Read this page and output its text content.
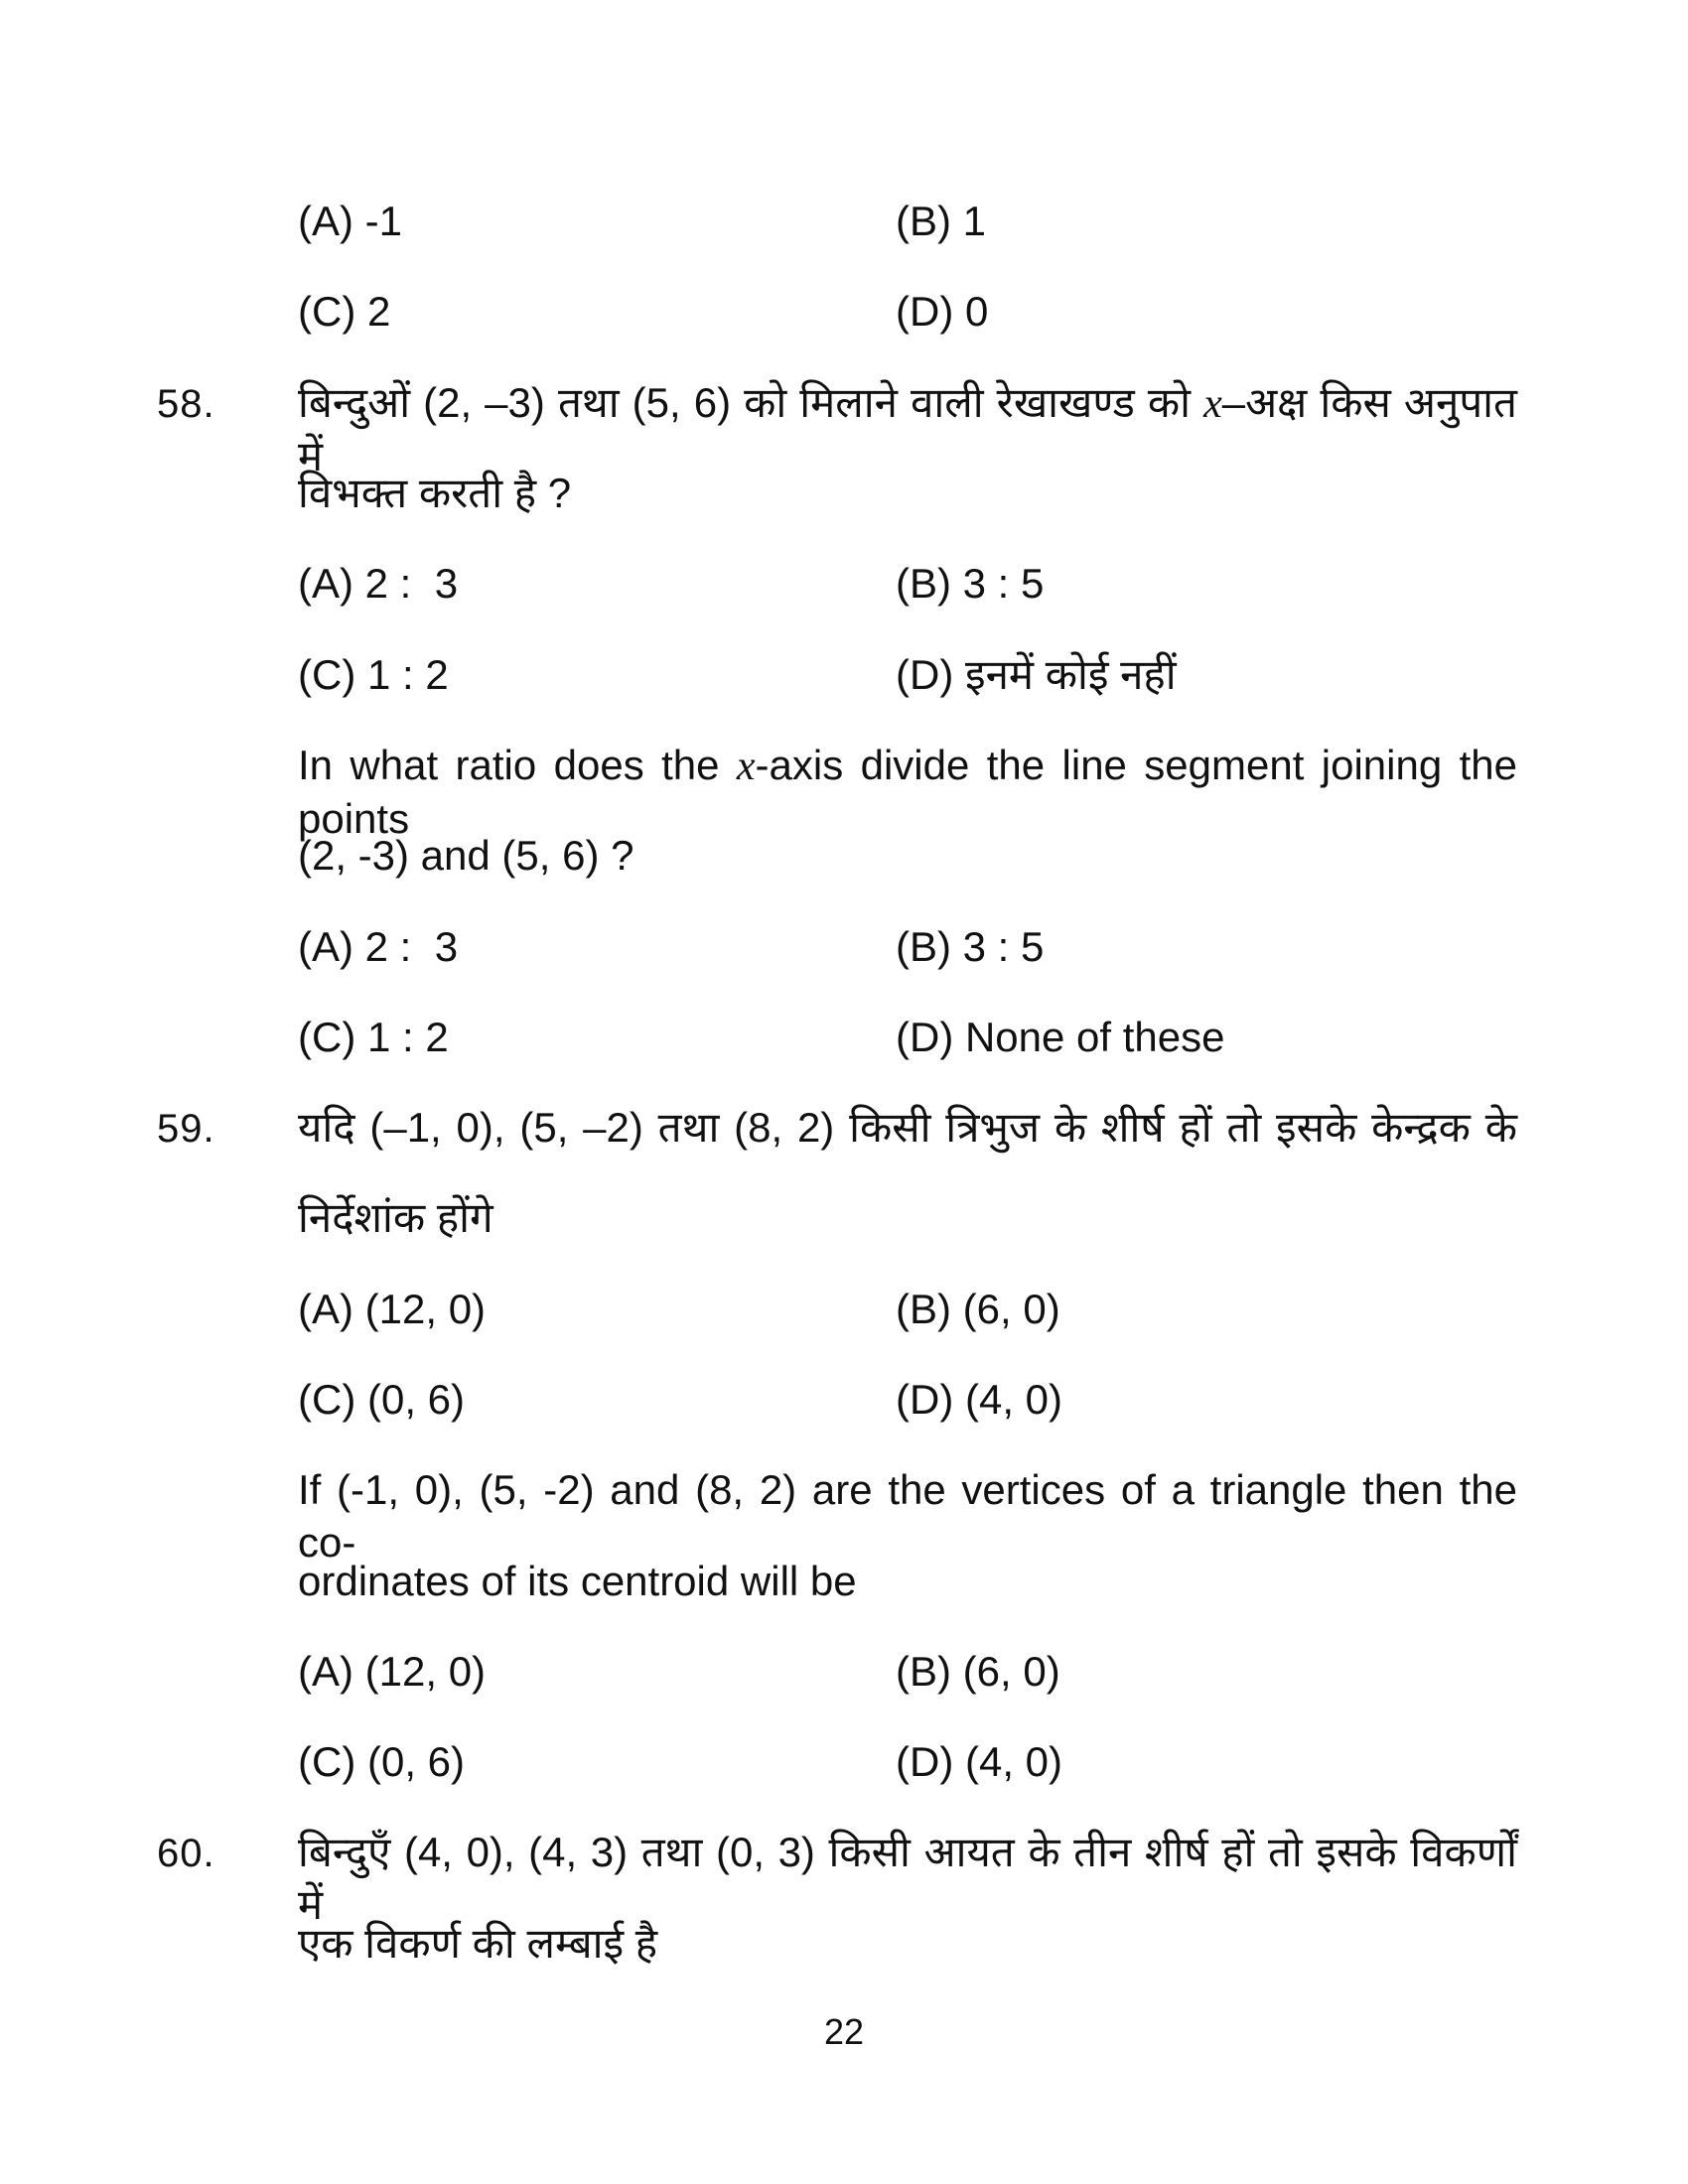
(A) -1	(B) 1
(C) 2	(D) 0
58. बिन्दुओं (2, –3) तथा (5, 6) को मिलाने वाली रेखाखण्ड को x–अक्ष किस अनुपात में
विभक्त करती है ?
(A) 2 :  3	(B) 3 : 5
(C) 1 : 2	(D) इनमें कोई नहीं
In what ratio does the x-axis divide the line segment joining the points
(2, -3) and (5, 6) ?
(A) 2 :  3	(B) 3 : 5
(C) 1 : 2	(D) None of these
59. यदि (–1, 0), (5, –2) तथा (8, 2) किसी त्रिभुज के शीर्ष हों तो इसके केन्द्रक के
निर्देशांक होंगे
(A) (12, 0)	(B) (6, 0)
(C) (0, 6)	(D) (4, 0)
If (-1, 0), (5, -2) and (8, 2) are the vertices of a triangle then the co-
ordinates of its centroid will be
(A) (12, 0)	(B) (6, 0)
(C) (0, 6)	(D) (4, 0)
60. बिन्दुएँ (4, 0), (4, 3) तथा (0, 3) किसी आयत के तीन शीर्ष हों तो इसके विकर्णों में
एक विकर्ण की लम्बाई है
22
